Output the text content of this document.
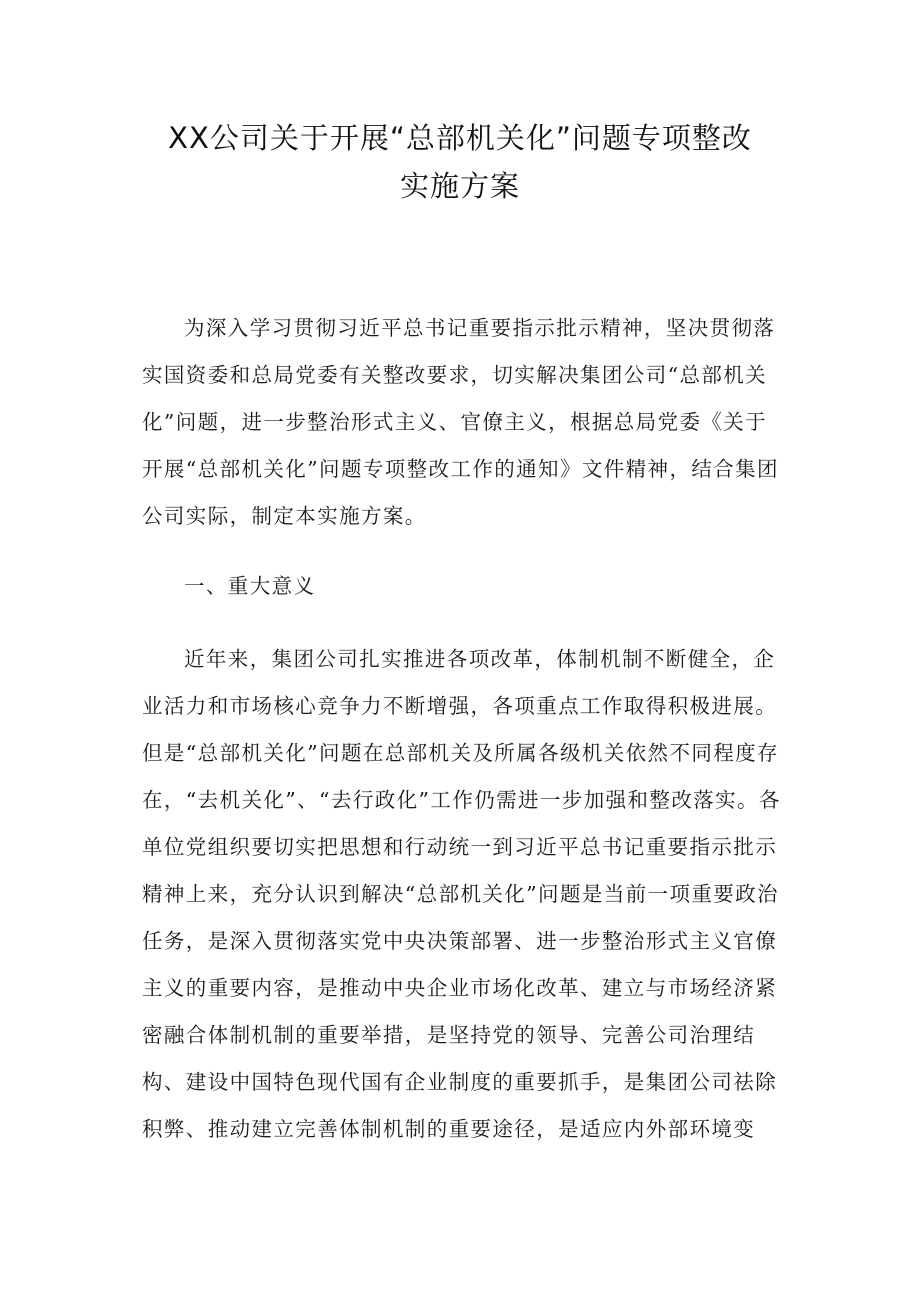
XX公司关于开展“总部机关化”问题专项整改
实施方案

为深入学习贯彻习近平总书记重要指示批示精神，坚决贯彻落

实国资委和总局党委有关整改要求，切实解决集团公司“总部机关

化”问题，进一步整治形式主义、官僚主义，根据总局党委《关于

开展“总部机关化”问题专项整改工作的通知》文件精神，结合集团

公司实际，制定本实施方案。

一、重大意义

近年来，集团公司扎实推进各项改革，体制机制不断健全，企

业活力和市场核心竞争力不断增强，各项重点工作取得积极进展。

但是“总部机关化”问题在总部机关及所属各级机关依然不同程度存

在，“去机关化”、“去行政化”工作仍需进一步加强和整改落实。各

单位党组织要切实把思想和行动统一到习近平总书记重要指示批示

精神上来，充分认识到解决“总部机关化”问题是当前一项重要政治

任务，是深入贯彻落实党中央决策部署、进一步整治形式主义官僚

主义的重要内容，是推动中央企业市场化改革、建立与市场经济紧

密融合体制机制的重要举措，是坚持党的领导、完善公司治理结

构、建设中国特色现代国有企业制度的重要抓手，是集团公司祛除

积弊、推动建立完善体制机制的重要途径，是适应内外部环境变
